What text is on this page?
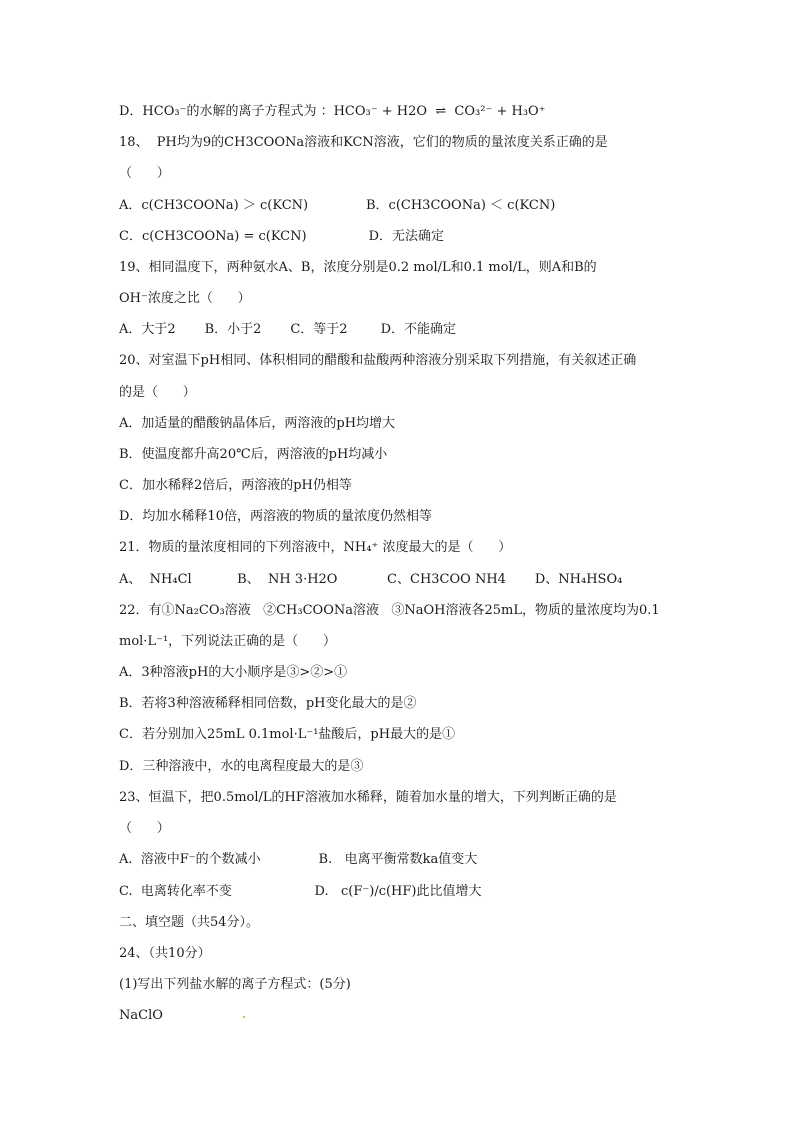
D．HCO₃⁻的水解的离子方程式为 ：HCO₃⁻ + H2O  ⇌  CO₃²⁻ + H₃O⁺
18、  PH均为9的CH3COONa溶液和KCN溶液，它们的物质的量浓度关系正确的是
（      ）
A．c(CH3COONa) ＞ c(KCN)              B．c(CH3COONa) ＜ c(KCN)
C．c(CH3COONa) = c(KCN)               D．无法确定
19、相同温度下，两种氨水A、B，浓度分别是0.2 mol/L和0.1 mol/L，则A和B的
OH⁻浓度之比（      ）
A．大于2       B．小于2       C．等于2        D．不能确定
20、对室温下pH相同、体积相同的醋酸和盐酸两种溶液分别采取下列措施，有关叙述正确
的是（      ）
A．加适量的醋酸钠晶体后，两溶液的pH均增大
B．使温度都升高20℃后，两溶液的pH均减小
C．加水稀释2倍后，两溶液的pH仍相等
D．均加水稀释10倍，两溶液的物质的量浓度仍然相等
21．物质的量浓度相同的下列溶液中，NH₄⁺ 浓度最大的是（      ）
A、  NH₄Cl           B、  NH 3·H2O            C、CH3COO NH4       D、NH₄HSO₄
22．有①Na₂CO₃溶液   ②CH₃COONa溶液   ③NaOH溶液各25mL，物质的量浓度均为0.1
mol·L⁻¹，下列说法正确的是（      ）
A．3种溶液pH的大小顺序是③>②>①
B．若将3种溶液稀释相同倍数，pH变化最大的是②
C．若分别加入25mL 0.1mol·L⁻¹盐酸后，pH最大的是①
D．三种溶液中，水的电离程度最大的是③
23、恒温下，把0.5mol/L的HF溶液加水稀释，随着加水量的增大，下列判断正确的是
（      ）
A.  溶液中F⁻的个数减小              B.   电离平衡常数ka值变大
C.  电离转化率不变                    D.   c(F⁻)/c(HF)此比值增大
二、填空题（共54分）。
24、（共10分）
(1)写出下列盐水解的离子方程式：(5分)
NaClO
